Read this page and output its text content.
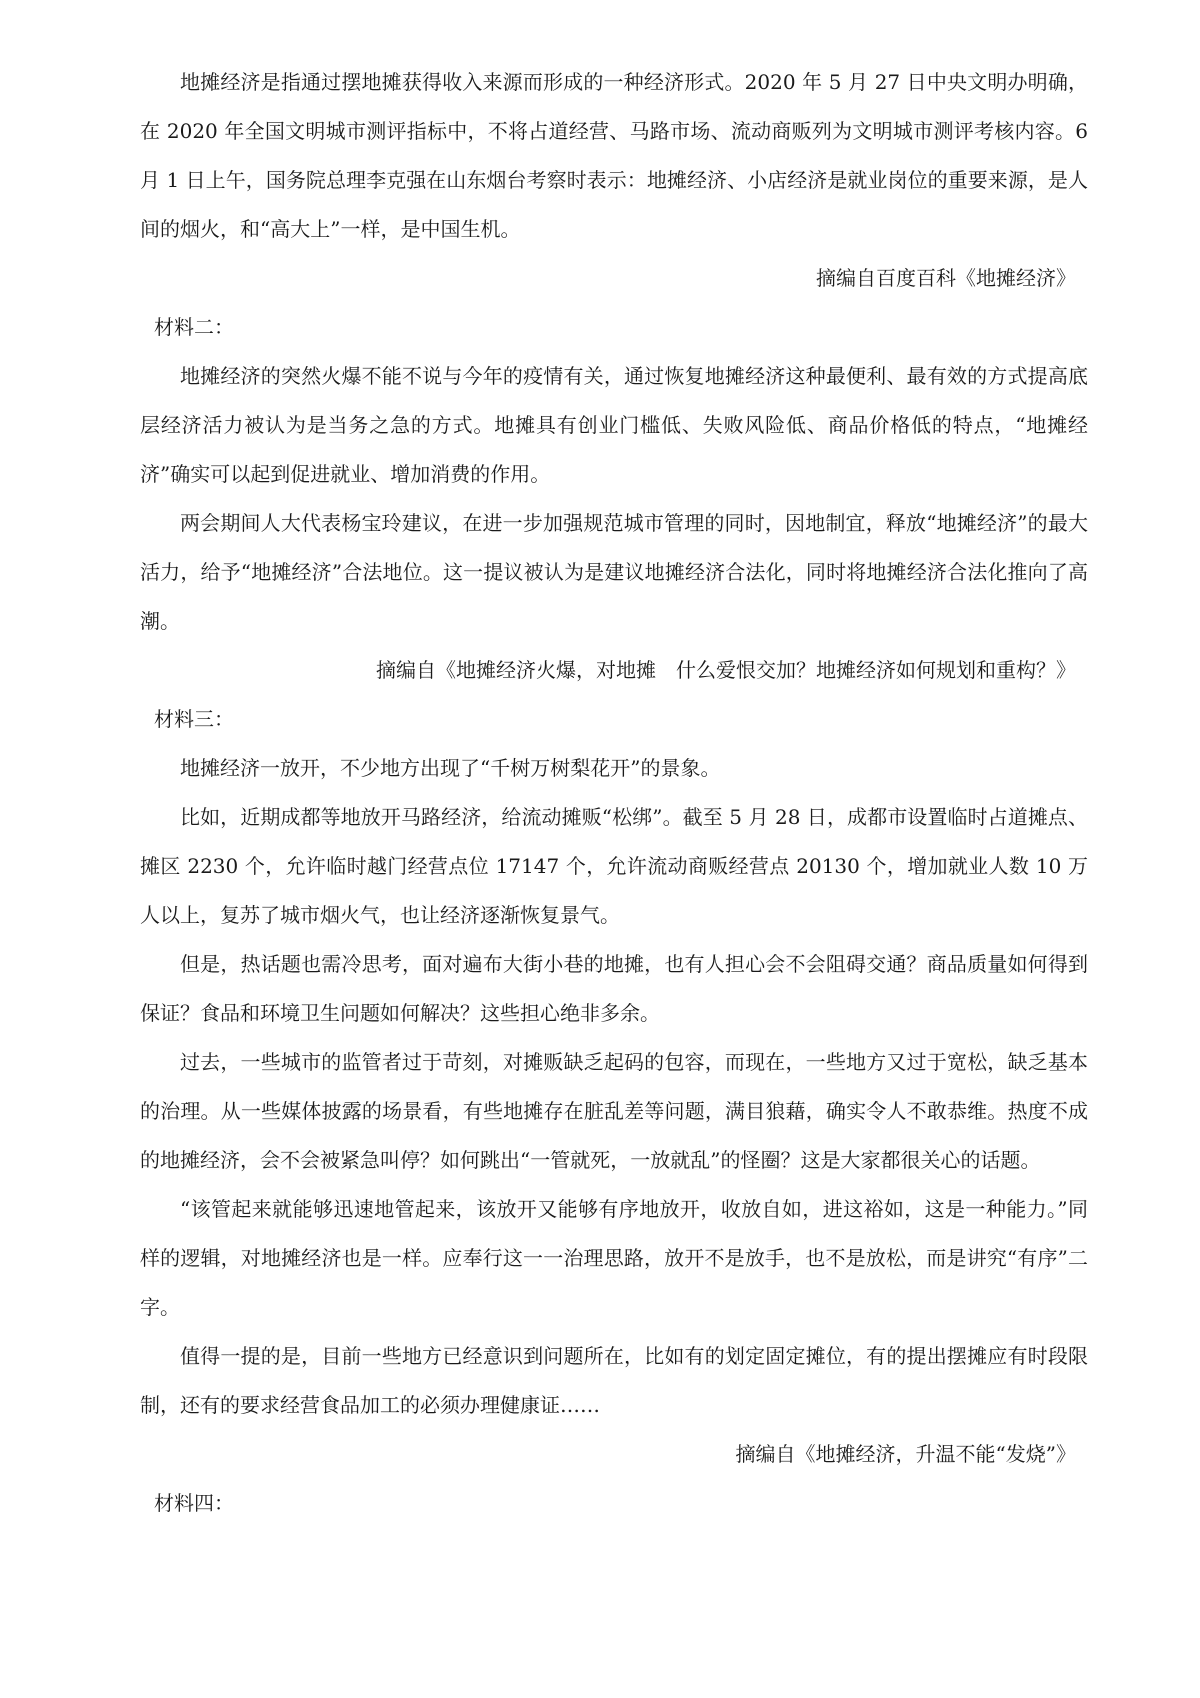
地摊经济是指通过摆地摊获得收入来源而形成的一种经济形式。2020 年 5 月 27 日中央文明办明确，在 2020 年全国文明城市测评指标中，不将占道经营、马路市场、流动商贩列为文明城市测评考核内容。6 月 1 日上午，国务院总理李克强在山东烟台考察时表示：地摊经济、小店经济是就业岗位的重要来源，是人间的烟火，和“高大上”一样，是中国生机。

摘编自百度百科《地摊经济》

材料二：

地摊经济的突然火爆不能不说与今年的疫情有关，通过恢复地摊经济这种最便利、最有效的方式提高底层经济活力被认为是当务之急的方式。地摊具有创业门槛低、失败风险低、商品价格低的特点，“地摊经济”确实可以起到促进就业、增加消费的作用。

两会期间人大代表杨宝玲建议，在进一步加强规范城市管理的同时，因地制宜，释放“地摊经济”的最大活力，给予“地摊经济”合法地位。这一提议被认为是建议地摊经济合法化，同时将地摊经济合法化推向了高潮。

摘编自《地摊经济火爆，对地摊　什么爱恨交加？地摊经济如何规划和重构？》

材料三：

地摊经济一放开，不少地方出现了“千树万树梨花开”的景象。

比如，近期成都等地放开马路经济，给流动摊贩“松绑”。截至 5 月 28 日，成都市设置临时占道摊点、摊区 2230 个，允许临时越门经营点位 17147 个，允许流动商贩经营点 20130 个，增加就业人数 10 万人以上，复苏了城市烟火气，也让经济逐渐恢复景气。

但是，热话题也需冷思考，面对遍布大街小巷的地摊，也有人担心会不会阻碍交通？商品质量如何得到保证？食品和环境卫生问题如何解决？这些担心绝非多余。

过去，一些城市的监管者过于苛刻，对摊贩缺乏起码的包容，而现在，一些地方又过于宽松，缺乏基本的治理。从一些媒体披露的场景看，有些地摊存在脏乱差等问题，满目狼藉，确实令人不敢恭维。热度不成的地摊经济，会不会被紧急叫停？如何跳出“一管就死，一放就乱”的怪圈？这是大家都很关心的话题。

“该管起来就能够迅速地管起来，该放开又能够有序地放开，收放自如，进这裕如，这是一种能力。”同样的逻辑，对地摊经济也是一样。应奉行这一一治理思路，放开不是放手，也不是放松，而是讲究“有序”二字。

值得一提的是，目前一些地方已经意识到问题所在，比如有的划定固定摊位，有的提出摆摊应有时段限制，还有的要求经营食品加工的必须办理健康证……

摘编自《地摊经济，升温不能“发烧”》

材料四：
